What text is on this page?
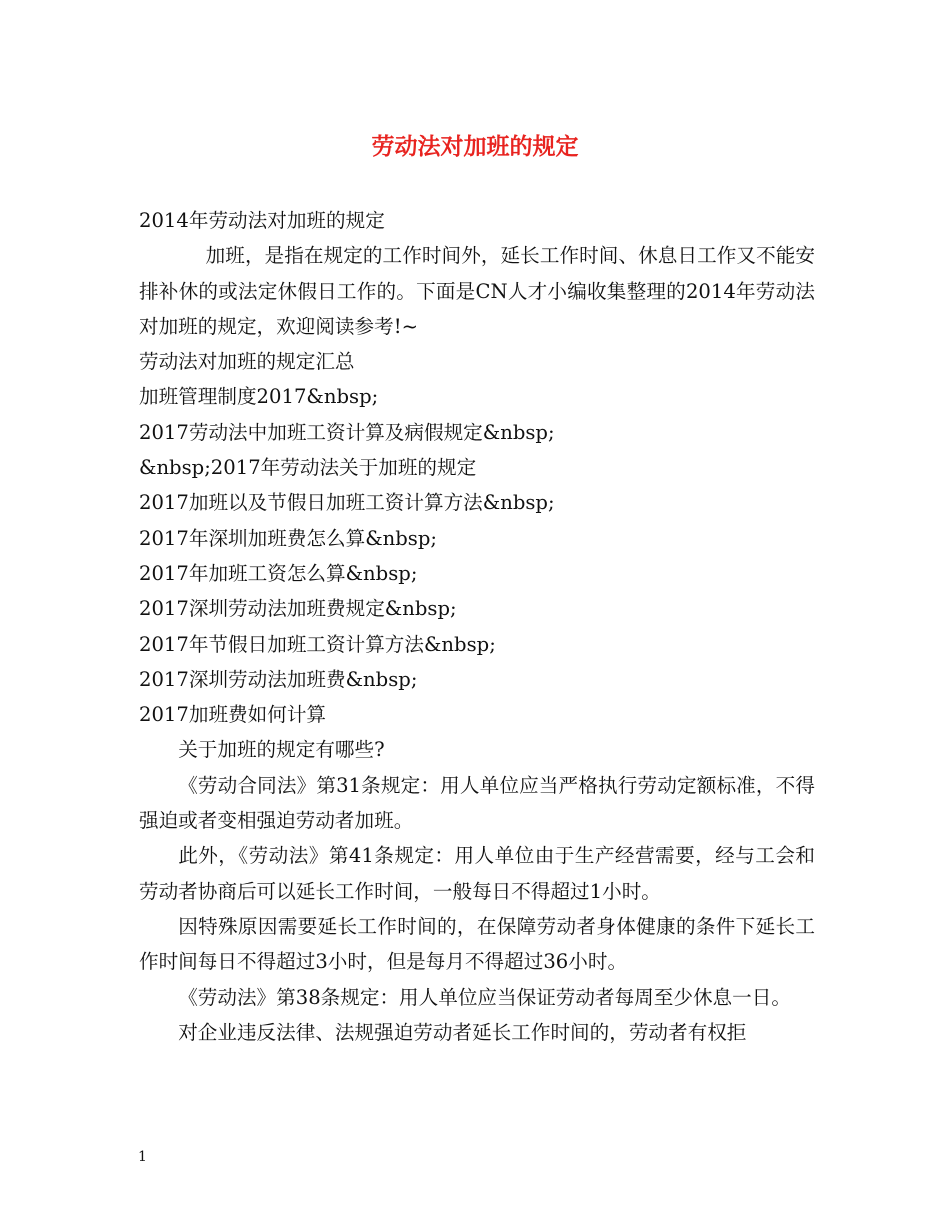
劳动法对加班的规定

2014年劳动法对加班的规定

加班，是指在规定的工作时间外，延长工作时间、休息日工作又不能安排补休的或法定休假日工作的。下面是CN人才小编收集整理的2014年劳动法对加班的规定，欢迎阅读参考!~

劳动法对加班的规定汇总

加班管理制度2017&nbsp;

2017劳动法中加班工资计算及病假规定&nbsp;

&nbsp;2017年劳动法关于加班的规定

2017加班以及节假日加班工资计算方法&nbsp;

2017年深圳加班费怎么算&nbsp;

2017年加班工资怎么算&nbsp;

2017深圳劳动法加班费规定&nbsp;

2017年节假日加班工资计算方法&nbsp;

2017深圳劳动法加班费&nbsp;

2017加班费如何计算

关于加班的规定有哪些?

《劳动合同法》第31条规定：用人单位应当严格执行劳动定额标准，不得强迫或者变相强迫劳动者加班。

此外，《劳动法》第41条规定：用人单位由于生产经营需要，经与工会和劳动者协商后可以延长工作时间，一般每日不得超过1小时。

因特殊原因需要延长工作时间的，在保障劳动者身体健康的条件下延长工作时间每日不得超过3小时，但是每月不得超过36小时。

《劳动法》第38条规定：用人单位应当保证劳动者每周至少休息一日。

对企业违反法律、法规强迫劳动者延长工作时间的，劳动者有权拒

1
